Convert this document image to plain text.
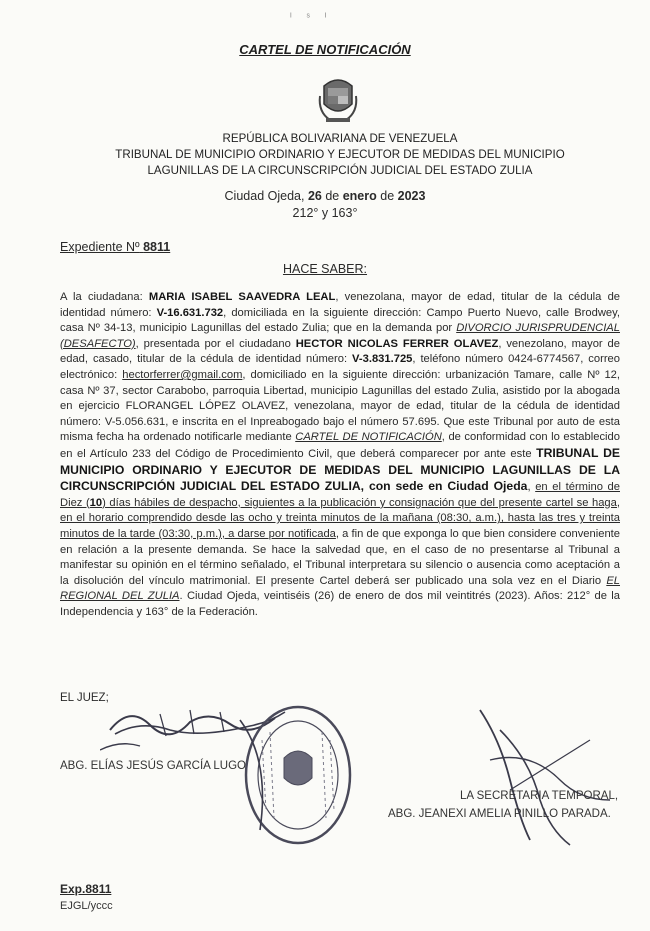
ᴵ ˢ ᴵ
CARTEL DE NOTIFICACIÓN
REPÚBLICA BOLIVARIANA DE VENEZUELA
TRIBUNAL DE MUNICIPIO ORDINARIO Y EJECUTOR DE MEDIDAS DEL MUNICIPIO
LAGUNILLAS DE LA CIRCUNSCRIPCIÓN JUDICIAL DEL ESTADO ZULIA
Ciudad Ojeda, 26 de enero de 2023
212° y 163°
Expediente Nº 8811
HACE SABER:
A la ciudadana: MARIA ISABEL SAAVEDRA LEAL, venezolana, mayor de edad, titular de la cédula de identidad número: V-16.631.732, domiciliada en la siguiente dirección: Campo Puerto Nuevo, calle Brodwey, casa Nº 34-13, municipio Lagunillas del estado Zulia; que en la demanda por DIVORCIO JURISPRUDENCIAL (DESAFECTO), presentada por el ciudadano HECTOR NICOLAS FERRER OLAVEZ, venezolano, mayor de edad, casado, titular de la cédula de identidad número: V-3.831.725, teléfono número 0424-6774567, correo electrónico: hectorferrer@gmail.com, domiciliado en la siguiente dirección: urbanización Tamare, calle Nº 12, casa Nº 37, sector Carabobo, parroquia Libertad, municipio Lagunillas del estado Zulia, asistido por la abogada en ejercicio FLORANGEL LÓPEZ OLAVEZ, venezolana, mayor de edad, titular de la cédula de identidad número: V-5.056.631, e inscrita en el Inpreabogado bajo el número 57.695. Que este Tribunal por auto de esta misma fecha ha ordenado notificarle mediante CARTEL DE NOTIFICACIÓN, de conformidad con lo establecido en el Artículo 233 del Código de Procedimiento Civil, que deberá comparecer por ante este TRIBUNAL DE MUNICIPIO ORDINARIO Y EJECUTOR DE MEDIDAS DEL MUNICIPIO LAGUNILLAS DE LA CIRCUNSCRIPCIÓN JUDICIAL DEL ESTADO ZULIA, con sede en Ciudad Ojeda, en el término de Diez (10) días hábiles de despacho, siguientes a la publicación y consignación que del presente cartel se haga, en el horario comprendido desde las ocho y treinta minutos de la mañana (08:30, a.m.), hasta las tres y treinta minutos de la tarde (03:30, p.m.), a darse por notificada, a fin de que exponga lo que bien considere conveniente en relación a la presente demanda. Se hace la salvedad que, en el caso de no presentarse al Tribunal a manifestar su opinión en el término señalado, el Tribunal interpretara su silencio o ausencia como aceptación a la disolución del vínculo matrimonial. El presente Cartel deberá ser publicado una sola vez en el Diario EL REGIONAL DEL ZULIA. Ciudad Ojeda, veintiséis (26) de enero de dos mil veintitrés (2023). Años: 212° de la Independencia y 163° de la Federación.
EL JUEZ;
ABG. ELÍAS JESÚS GARCÍA LUGO
LA SECRETARIA TEMPORAL,
ABG. JEANEXI AMELIA PINILLO PARADA.
Exp.8811
EJGL/yccc
